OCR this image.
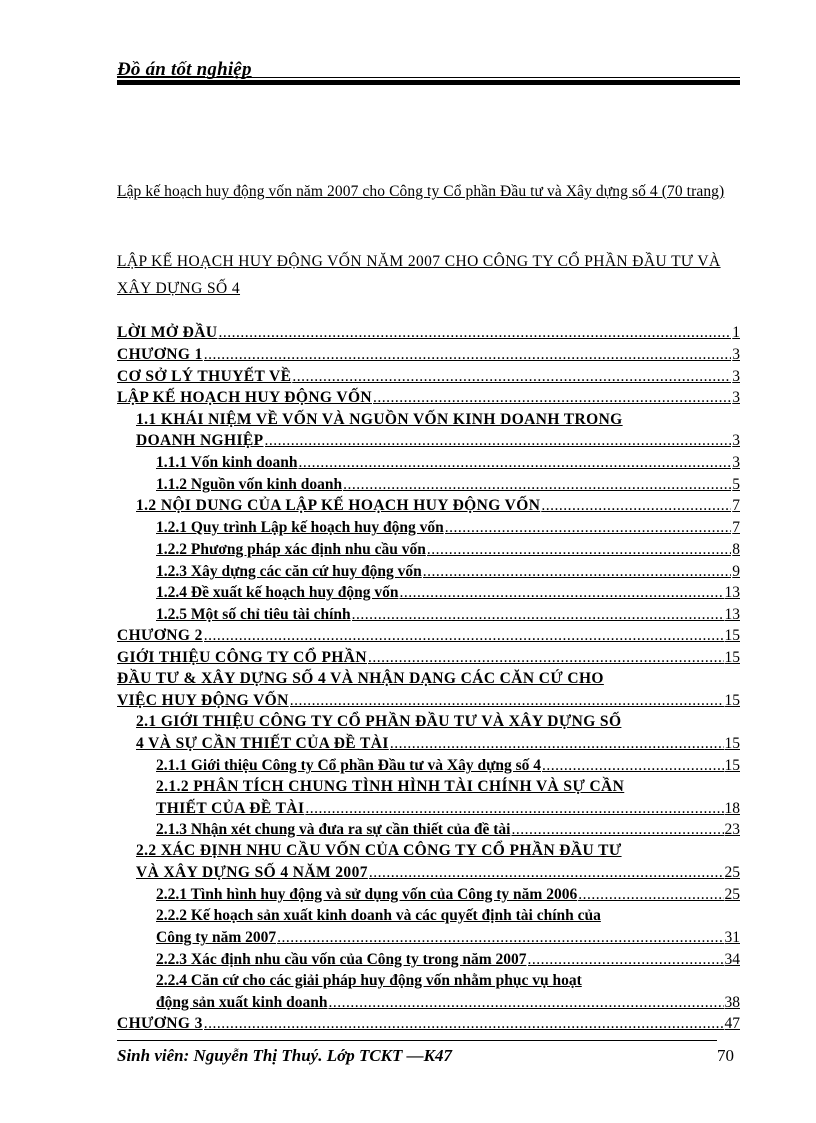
Đồ án tốt nghiệp
Lập kế hoạch huy động vốn năm 2007 cho Công ty Cổ phần Đầu tư và Xây dựng số 4 (70 trang)
LẬP KẾ HOẠCH HUY ĐỘNG VỐN NĂM 2007 CHO CÔNG TY CỔ PHẦN ĐẦU TƯ VÀ XÂY DỰNG SỐ 4
LỜI MỞ ĐẦU .....	1
CHƯƠNG 1 .....	3
CƠ SỞ LÝ THUYẾT VỀ .....	3
LẬP KẾ HOẠCH HUY ĐỘNG VỐN .....	3
1.1 KHÁI NIỆM VỀ VỐN VÀ NGUỒN VỐN KINH DOANH TRONG
DOANH NGHIỆP .....	3
1.1.1 Vốn kinh doanh .....	3
1.1.2 Nguồn vốn kinh doanh .....	5
1.2 NỘI DUNG CỦA LẬP KẾ HOẠCH HUY ĐỘNG VỐN .....	7
1.2.1 Quy trình Lập kế hoạch huy động vốn .....	7
1.2.2 Phương pháp xác định nhu cầu vốn .....	8
1.2.3 Xây dựng các căn cứ huy động vốn .....	9
1.2.4 Đề xuất kế hoạch huy động vốn .....	13
1.2.5 Một số chỉ tiêu tài chính .....	13
CHƯƠNG 2 .....	15
GIỚI THIỆU CÔNG TY CỔ PHẦN .....	15
ĐẦU TƯ & XÂY DỰNG SỐ 4 VÀ NHẬN DẠNG CÁC CĂN CỨ CHO
VIỆC HUY ĐỘNG VỐN .....	15
2.1 GIỚI THIỆU CÔNG TY CỔ PHẦN ĐẦU TƯ VÀ XÂY DỰNG SỐ
4 VÀ SỰ CẦN THIẾT CỦA ĐỀ TÀI .....	15
2.1.1 Giới thiệu Công ty Cổ phần Đầu tư và Xây dựng số 4 .....	15
2.1.2 PHÂN TÍCH CHUNG TÌNH HÌNH TÀI CHÍNH VÀ SỰ CẦN
THIẾT CỦA ĐỀ TÀI .....	18
2.1.3 Nhận xét chung và đưa ra sự cần thiết của đề tài .....	23
2.2 XÁC ĐỊNH NHU CẦU VỐN CỦA CÔNG TY CỔ PHẦN ĐẦU TƯ
VÀ XÂY DỰNG SỐ 4 NĂM 2007 .....	25
2.2.1 Tình hình huy động và sử dụng vốn của Công ty năm 2006 .....	25
2.2.2 Kế hoạch sản xuất kinh doanh và các quyết định tài chính của
Công ty năm 2007 .....	31
2.2.3 Xác định nhu cầu vốn của Công ty trong năm 2007 .....	34
2.2.4 Căn cứ cho các giải pháp huy động vốn nhằm phục vụ hoạt
động sản xuất kinh doanh .....	38
CHƯƠNG 3 .....	47
Sinh viên: Nguyễn Thị Thuý. Lớp TCKT —K47	70
